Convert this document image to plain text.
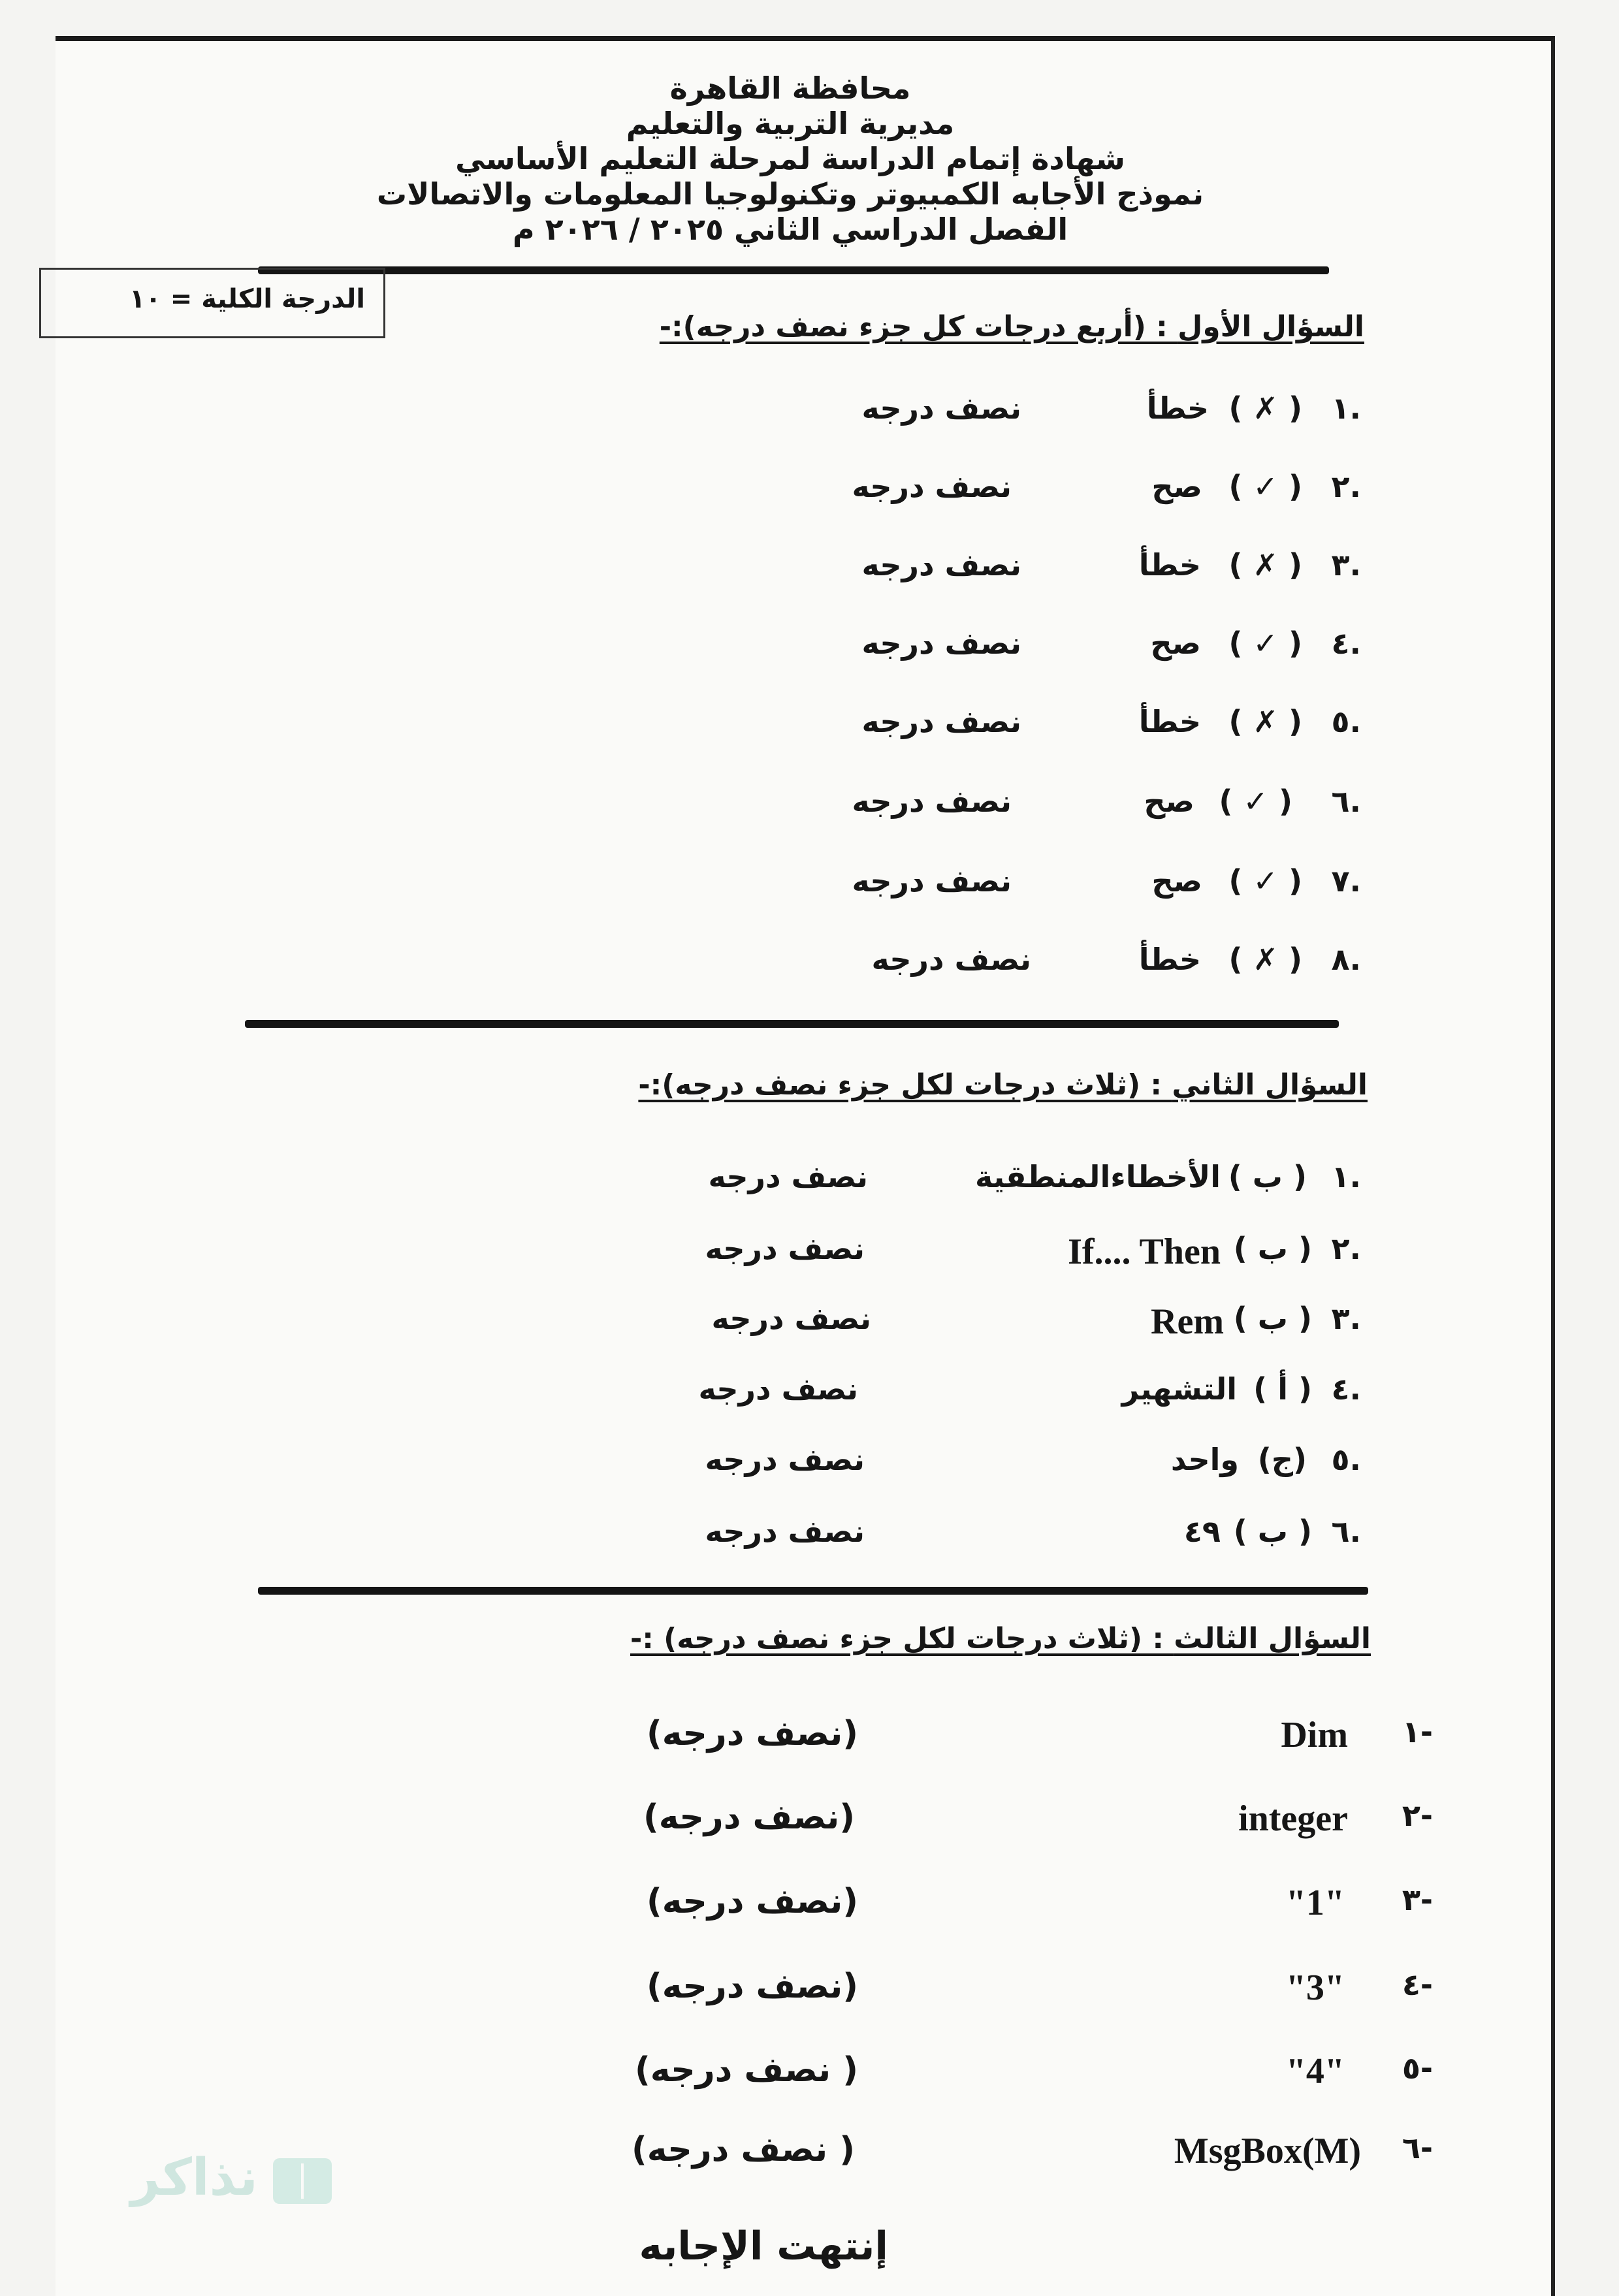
محافظة القاهرة
مديرية التربية والتعليم
شهادة إتمام الدراسة لمرحلة التعليم الأساسي
نموذج الأجابه الكمبيوتر وتكنولوجيا المعلومات والاتصالات
الفصل الدراسي الثاني ٢٠٢٥ / ٢٠٢٦ م
الدرجة الكلية = ١٠
السؤال الأول : (أربع درجات كل جزء نصف درجه):-
.١
( ✗ )
خطأ
نصف درجه
.٢
( ✓ )
صح
نصف درجه
.٣
( ✗ )
خطأ
نصف درجه
.٤
( ✓ )
صح
نصف درجه
.٥
( ✗ )
خطأ
نصف درجه
.٦
( ✓ )
صح
نصف درجه
.٧
( ✓ )
صح
نصف درجه
.٨
( ✗ )
خطأ
نصف درجه
السؤال الثاني : (ثلاث درجات لكل جزء نصف درجه):-
.١
( ب )
الأخطاءالمنطقية
نصف درجه
.٢
( ب )
If.... Then
نصف درجه
.٣
( ب )
Rem
نصف درجه
.٤
( أ )
التشهير
نصف درجه
.٥
(ج)
واحد
نصف درجه
.٦
( ب )
٤٩
نصف درجه
السؤال الثالث : (ثلاث درجات لكل جزء نصف درجه) :-
-١
Dim
(نصف درجه)
-٢
integer
(نصف درجه)
-٣
"1"
(نصف درجه)
-٤
"3"
(نصف درجه)
-٥
"4"
( نصف درجه)
-٦
MsgBox(M)
( نصف درجه)
إنتهت الإجابه
نذاكر
